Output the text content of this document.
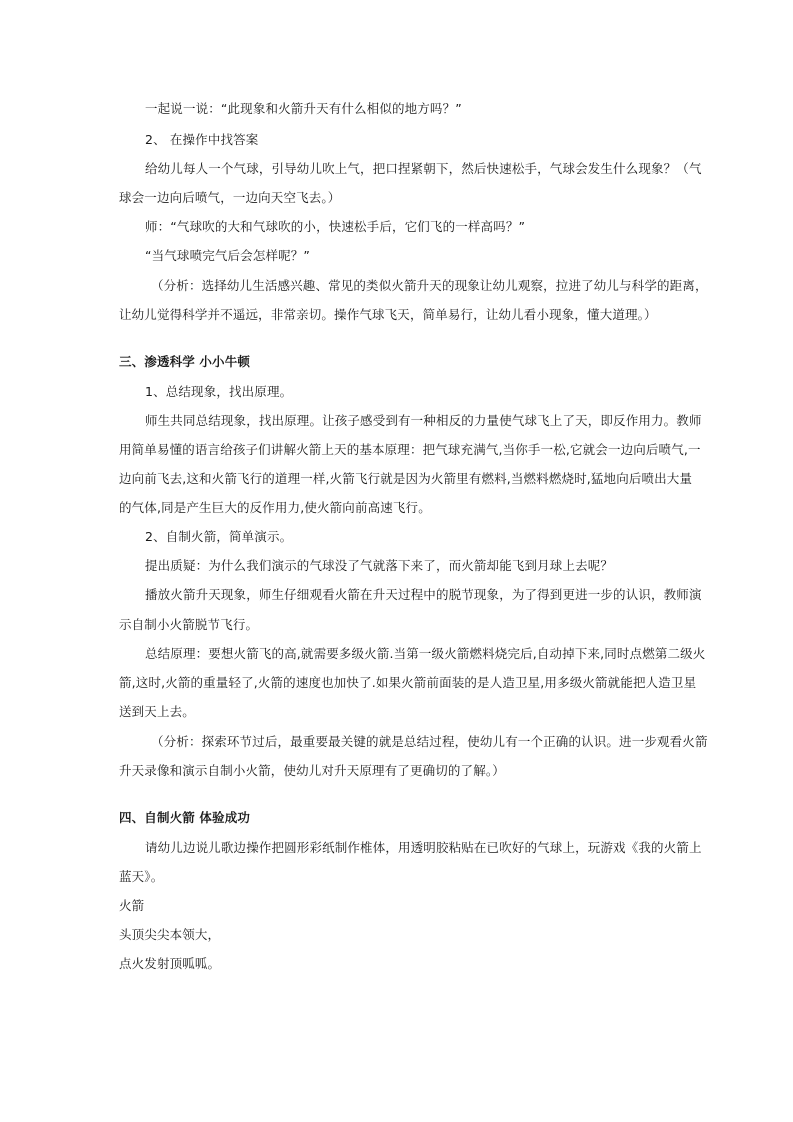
一起说一说：“此现象和火箭升天有什么相似的地方吗？”
2、 在操作中找答案
给幼儿每人一个气球，引导幼儿吹上气，把口捏紧朝下，然后快速松手，气球会发生什么现象？（气
球会一边向后喷气，一边向天空飞去。）
师：“气球吹的大和气球吹的小，快速松手后，它们飞的一样高吗？”
“当气球喷完气后会怎样呢？”
（分析：选择幼儿生活感兴趣、常见的类似火箭升天的现象让幼儿观察，拉进了幼儿与科学的距离，
让幼儿觉得科学并不遥远，非常亲切。操作气球飞天，简单易行，让幼儿看小现象，懂大道理。）
三、渗透科学 小小牛顿
1、总结现象，找出原理。
师生共同总结现象，找出原理。让孩子感受到有一种相反的力量使气球飞上了天，即反作用力。教师
用简单易懂的语言给孩子们讲解火箭上天的基本原理：把气球充满气,当你手一松,它就会一边向后喷气,一
边向前飞去,这和火箭飞行的道理一样,火箭飞行就是因为火箭里有燃料,当燃料燃烧时,猛地向后喷出大量
的气体,同是产生巨大的反作用力,使火箭向前高速飞行。
2、自制火箭，简单演示。
提出质疑：为什么我们演示的气球没了气就落下来了，而火箭却能飞到月球上去呢？
播放火箭升天现象，师生仔细观看火箭在升天过程中的脱节现象，为了得到更进一步的认识，教师演
示自制小火箭脱节飞行。
总结原理：要想火箭飞的高,就需要多级火箭.当第一级火箭燃料烧完后,自动掉下来,同时点燃第二级火
箭,这时,火箭的重量轻了,火箭的速度也加快了.如果火箭前面装的是人造卫星,用多级火箭就能把人造卫星
送到天上去。
（分析：探索环节过后，最重要最关键的就是总结过程，使幼儿有一个正确的认识。进一步观看火箭
升天录像和演示自制小火箭，使幼儿对升天原理有了更确切的了解。）
四、自制火箭 体验成功
请幼儿边说儿歌边操作把圆形彩纸制作椎体，用透明胶粘贴在已吹好的气球上，玩游戏《我的火箭上
蓝天》。
火箭
头顶尖尖本领大，
点火发射顶呱呱。
